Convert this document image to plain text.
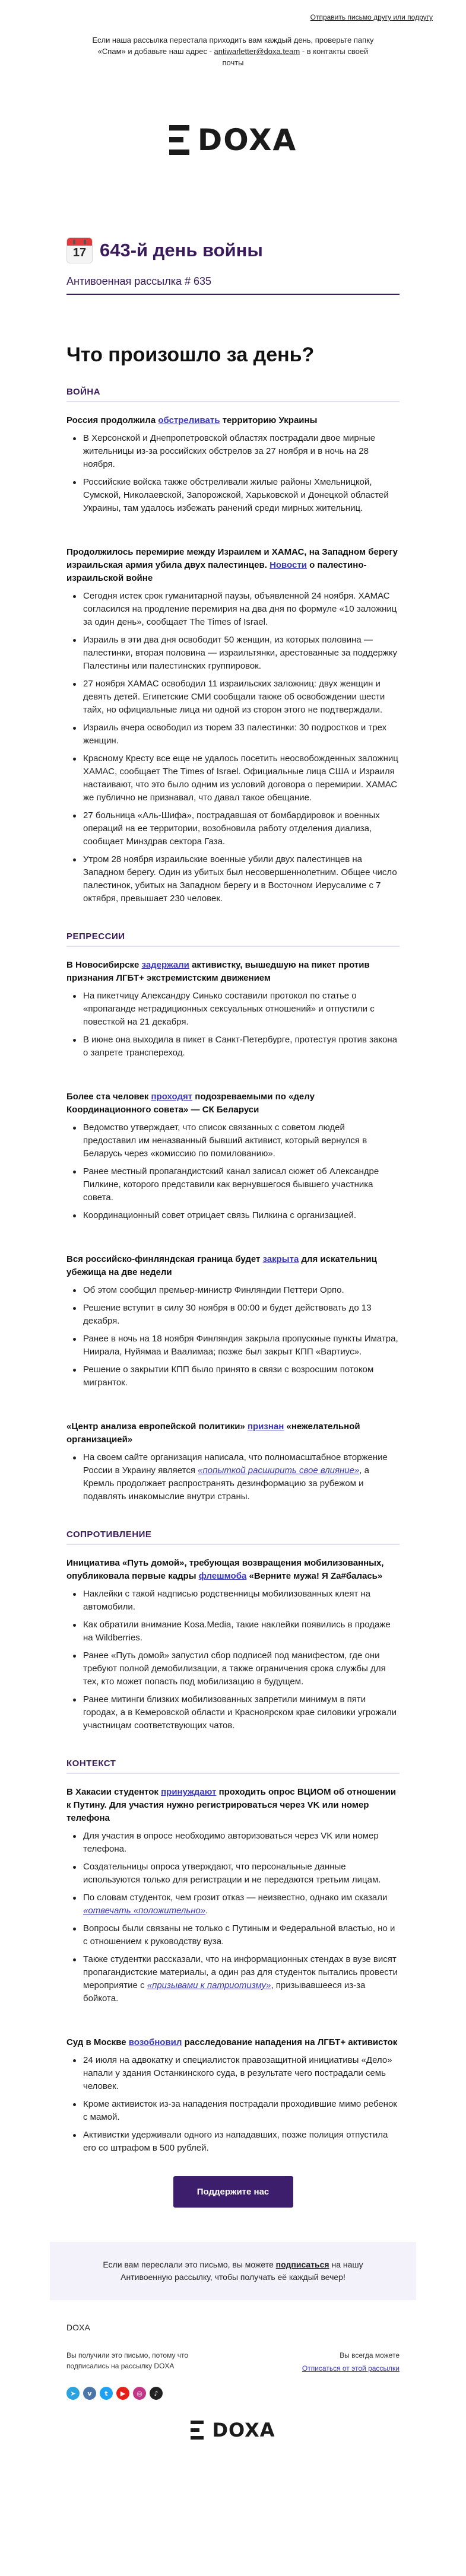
Отправить письмо другу или подругу
Если наша рассылка перестала приходить вам каждый день, проверьте папку «Спам» и добавьте наш адрес - antiwarletter@doxa.team - в контакты своей почты
DOXA
17 643-й день войны
Антивоенная рассылка # 635
Что произошло за день?
ВОЙНА

Россия продолжила обстреливать территорию Украины

В Херсонской и Днепропетровской областях пострадали двое мирные жительницы из-за российских обстрелов за 27 ноября и в ночь на 28 ноября.
Российские войска также обстреливали жилые районы Хмельницкой, Сумской, Николаевской, Запорожской, Харьковской и Донецкой областей Украины, там удалось избежать ранений среди мирных жительниц.

Продолжилось перемирие между Израилем и ХАМАС, на Западном берегу израильская армия убила двух палестинцев. Новости о палестино-израильской войне

Сегодня истек срок гуманитарной паузы, объявленной 24 ноября. ХАМАС согласился на продление перемирия на два дня по формуле «10 заложниц за один день», сообщает The Times of Israel.
Израиль в эти два дня освободит 50 женщин, из которых половина — палестинки, вторая половина — израильтянки, арестованные за поддержку Палестины или палестинских группировок.
27 ноября ХАМАС освободил 11 израильских заложниц: двух женщин и девять детей. Египетские СМИ сообщали также об освобождении шести тайх, но официальные лица ни одной из сторон этого не подтверждали.
Израиль вчера освободил из тюрем 33 палестинки: 30 подростков и трех женщин.
Красному Кресту все еще не удалось посетить неосвобожденных заложниц ХАМАС, сообщает The Times of Israel. Официальные лица США и Израиля настаивают, что это было одним из условий договора о перемирии. ХАМАС же публично не признавал, что давал такое обещание.
27 больница «Аль-Шифа», пострадавшая от бомбардировок и военных операций на ее территории, возобновила работу отделения диализа, сообщает Минздрав сектора Газа.
Утром 28 ноября израильские военные убили двух палестинцев на Западном берегу. Один из убитых был несовершеннолетним. Общее число палестинок, убитых на Западном берегу и в Восточном Иерусалиме с 7 октября, превышает 230 человек.
РЕПРЕССИИ

В Новосибирске задержали активистку, вышедшую на пикет против признания ЛГБТ+ экстремистским движением

На пикетчицу Александру Синько составили протокол по статье о «пропаганде нетрадиционных сексуальных отношений» и отпустили с повесткой на 21 декабря.
В июне она выходила в пикет в Санкт-Петербурге, протестуя против закона о запрете транспереход.

Более ста человек проходят подозреваемыми по «делу Координационного совета» — СК Беларуси

Ведомство утверждает, что список связанных с советом людей предоставил им неназванный бывший активист, который вернулся в Беларусь через «комиссию по помилованию».
Ранее местный пропагандистский канал записал сюжет об Александре Пилкине, которого представили как вернувшегося бывшего участника совета.
Координационный совет отрицает связь Пилкина с организацией.

Вся российско-финляндская граница будет закрыта для искательниц убежища на две недели

Об этом сообщил премьер-министр Финляндии Петтери Орпо.
Решение вступит в силу 30 ноября в 00:00 и будет действовать до 13 декабря.
Ранее в ночь на 18 ноября Финляндия закрыла пропускные пункты Иматра, Ниирала, Нуйямаа и Ваалимаа; позже был закрыт КПП «Вартиус».
Решение о закрытии КПП было принято в связи с возросшим потоком мигранток.

«Центр анализа европейской политики» признан «нежелательной организацией»

На своем сайте организация написала, что полномасштабное вторжение России в Украину является «попыткой расширить свое влияние», а Кремль продолжает распространять дезинформацию за рубежом и подавлять инакомыслие внутри страны.
СОПРОТИВЛЕНИЕ

Инициатива «Путь домой», требующая возвращения мобилизованных, опубликовала первые кадры флешмоба «Верните мужа! Я Za#балась»

Наклейки с такой надписью родственницы мобилизованных клеят на автомобили.
Как обратили внимание Kosa.Media, такие наклейки появились в продаже на Wildberries.
Ранее «Путь домой» запустил сбор подписей под манифестом, где они требуют полной демобилизации, а также ограничения срока службы для тех, кто может попасть под мобилизацию в будущем.
Ранее митинги близких мобилизованных запретили минимум в пяти городах, а в Кемеровской области и Красноярском крае силовики угрожали участницам соответствующих чатов.
КОНТЕКСТ

В Хакасии студенток принуждают проходить опрос ВЦИОМ об отношении к Путину. Для участия нужно регистрироваться через VK или номер телефона

Для участия в опросе необходимо авторизоваться через VK или номер телефона.
Создательницы опроса утверждают, что персональные данные используются только для регистрации и не передаются третьим лицам.
По словам студенток, чем грозит отказ — неизвестно, однако им сказали «отвечать «положительно».
Вопросы были связаны не только с Путиным и Федеральной властью, но и с отношением к руководству вуза.
Также студентки рассказали, что на информационных стендах в вузе висят пропагандистские материалы, а один раз для студенток пытались провести мероприятие с «призывами к патриотизму», призывавшееся из-за бойкота.

Суд в Москве возобновил расследование нападения на ЛГБТ+ активисток

24 июля на адвокатку и специалисток правозащитной инициативы «Дело» напали у здания Останкинского суда, в результате чего пострадали семь человек.
Кроме активисток из-за нападения пострадали проходившие мимо ребенок с мамой.
Активистки удерживали одного из нападавших, позже полиция отпустила его со штрафом в 500 рублей.
Поддержите нас
Если вам переслали это письмо, вы можете подписаться на нашу Антивоенную рассылку, чтобы получать её каждый вечер!
DOXA
Вы получили это письмо, потому что подписались на рассылку DOXA
Вы всегда можете
Отписаться от этой рассылки
➤	v	t	▶	◎	♪
DOXA
